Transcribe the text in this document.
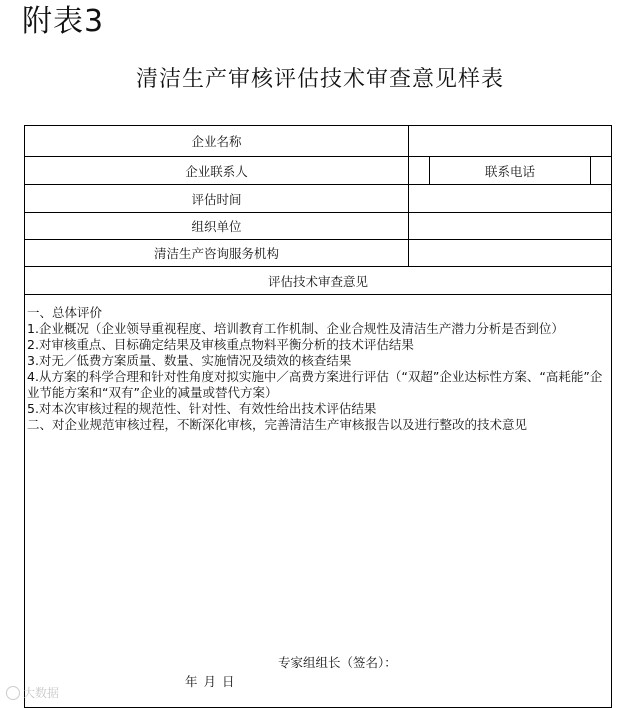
附表3
清洁生产审核评估技术审查意见样表
企业名称
企业联系人	联系电话
评估时间
组织单位
清洁生产咨询服务机构
评估技术审查意见
一、总体评价
1.企业概况（企业领导重视程度、培训教育工作机制、企业合规性及清洁生产潜力分析是否到位）
2.对审核重点、目标确定结果及审核重点物料平衡分析的技术评估结果
3.对无／低费方案质量、数量、实施情况及绩效的核查结果
4.从方案的科学合理和针对性角度对拟实施中／高费方案进行评估（“双超”企业达标性方案、“高耗能”企业节能方案和“双有”企业的减量或替代方案）
5.对本次审核过程的规范性、针对性、有效性给出技术评估结果
二、对企业规范审核过程，不断深化审核，完善清洁生产审核报告以及进行整改的技术意见
专家组组长（签名）：
年 月 日
大数据
